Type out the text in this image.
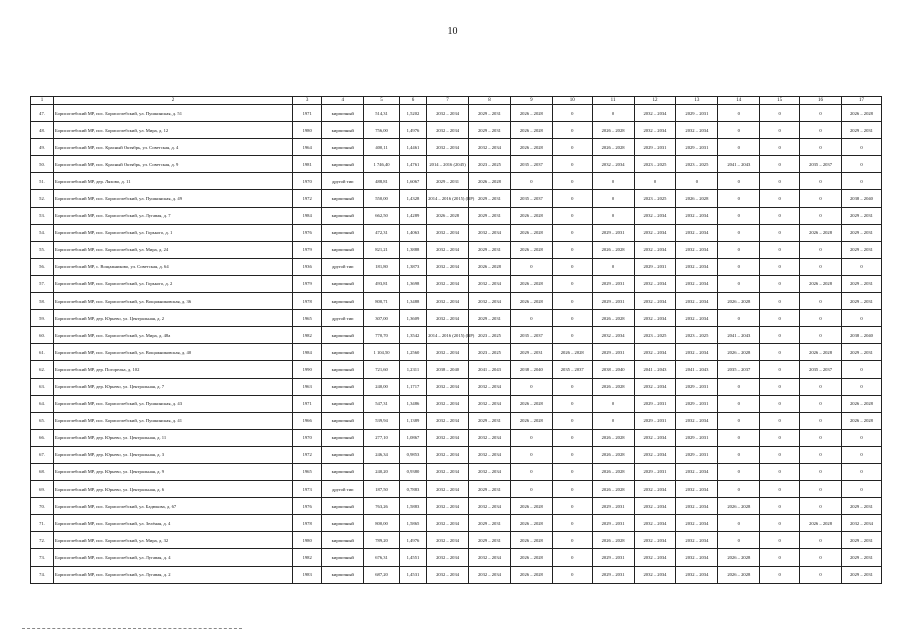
10
1	2	3	4	5	6	7	8	9	10	11	12	13	14	15	16	17
47.	Борисоглебский МР, пос. Борисоглебский, ул. Пушкинская, д. 51	1971	кирпичный	514,31	1,5202	2032 – 2034	2029 – 2031	2026 – 2028	0	0	2032 – 2034	2029 – 2031	0	0	0	2026 – 2028
48.	Борисоглебский МР, пос. Борисоглебский, ул. Мира, д. 12	1980	кирпичный	756,00	1,4976	2032 – 2034	2029 – 2031	2026 – 2028	0	2026 – 2028	2032 – 2034	2032 – 2034	0	0	0	2029 – 2031
49.	Борисоглебский МР, пос. Красный Октябрь, ул. Советская, д. 4	1964	кирпичный	400,11	1,4461	2032 – 2034	2032 – 2034	2026 – 2028	0	2026 – 2028	2029 – 2031	2029 – 2031	0	0	0	0
50.	Борисоглебский МР, пос. Красный Октябрь, ул. Советская, д. 9	1981	кирпичный	1 746,40	1,4761	2014 – 2016 (2045)	2023 – 2025	2035 – 2037	0	2032 – 2034	2023 – 2025	2023 – 2025	2041 – 2043	0	2035 – 2037	0
51.	Борисоглебский МР, дер. Ляхово, д. 11	1970	другой тип	488,81	1,6067	2029 – 2031	2026 – 2028	0	0	0	0	0	0	0	0	0
52.	Борисоглебский МР, пос. Борисоглебский, ул. Пушкинская, д. 49	1972	кирпичный	550,00	1,4328	2014 – 2016 (2015) (ВР)	2029 – 2031	2035 – 2037	0	0	2023 – 2025	2026 – 2028	0	0	0	2038 – 2040
53.	Борисоглебский МР, пос. Борисоглебский, ул. Лугавая, д. 7	1984	кирпичный	662,50	1,4289	2026 – 2028	2029 – 2031	2026 – 2028	0	0	2032 – 2034	2032 – 2034	0	0	0	2029 – 2031
54.	Борисоглебский МР, пос. Борисоглебский, ул. Горького, д. 1	1976	кирпичный	472,31	1,4063	2032 – 2034	2032 – 2034	2026 – 2028	0	2029 – 2031	2032 – 2034	2032 – 2034	0	0	2026 – 2028	2029 – 2031
55.	Борисоглебский МР, пос. Борисоглебский, ул. Мира, д. 24	1979	кирпичный	821,21	1,3888	2032 – 2034	2029 – 2031	2026 – 2028	0	2026 – 2028	2032 – 2034	2032 – 2034	0	0	0	2029 – 2031
56.	Борисоглебский МР, с. Вощажниково, ул. Советская, д. 64	1936	другой тип	181,80	1,3873	2032 – 2034	2026 – 2028	0	0	0	2029 – 2031	2032 – 2034	0	0	0	0
57.	Борисоглебский МР, пос. Борисоглебский, ул. Горького, д. 2	1979	кирпичный	493,81	1,3698	2032 – 2034	2032 – 2034	2026 – 2028	0	2029 – 2031	2032 – 2034	2032 – 2034	0	0	2026 – 2028	2029 – 2031
58.	Борисоглебский МР, пос. Борисоглебский, ул. Вощажниковская, д. 36	1978	кирпичный	800,71	1,3488	2032 – 2034	2032 – 2034	2026 – 2028	0	2029 – 2031	2032 – 2034	2032 – 2034	2026 – 2028	0	0	2029 – 2031
59.	Борисоглебский МР, дер. Юрьево, ул. Центральная, д. 2	1965	другой тип	307,00	1,3609	2032 – 2034	2029 – 2031	0	0	2026 – 2028	2032 – 2034	2032 – 2034	0	0	0	0
60.	Борисоглебский МР, пос. Борисоглебский, ул. Мира, д. 48а	1982	кирпичный	770,70	1,3542	2014 – 2016 (2015) (ВР)	2023 – 2025	2035 – 2037	0	2032 – 2034	2023 – 2025	2023 – 2025	2041 – 2043	0	0	2038 – 2040
61.	Борисоглебский МР, пос. Борисоглебский, ул. Вощажниковская, д. 40	1984	кирпичный	1 104,50	1,2560	2032 – 2034	2023 – 2025	2029 – 2031	2026 – 2028	2029 – 2031	2032 – 2034	2032 – 2034	2026 – 2028	0	2026 – 2028	2029 – 2031
62.	Борисоглебский МР, дер. Погорелка, д. 102	1990	кирпичный	721,60	1,2311	2038 – 2040	2041 – 2043	2038 – 2040	2035 – 2037	2038 – 2040	2041 – 2043	2041 – 2043	2035 – 2037	0	2035 – 2037	0
63.	Борисоглебский МР, дер. Юрьево, ул. Центральная, д. 7	1963	кирпичный	240,00	1,1717	2032 – 2034	2032 – 2034	0	0	2026 – 2028	2032 – 2034	2029 – 2031	0	0	0	0
64.	Борисоглебский МР, пос. Борисоглебский, ул. Пушкинская, д. 43	1971	кирпичный	547,31	1,3486	2032 – 2034	2032 – 2034	2026 – 2028	0	0	2029 – 2031	2029 – 2031	0	0	0	2026 – 2028
65.	Борисоглебский МР, пос. Борисоглебский, ул. Пушкинская, д. 41	1966	кирпичный	539,94	1,1389	2032 – 2034	2029 – 2031	2026 – 2028	0	0	2029 – 2031	2032 – 2034	0	0	0	2026 – 2028
66.	Борисоглебский МР, дер. Юрьево, ул. Центральная, д. 11	1970	кирпичный	277,10	1,0867	2032 – 2034	2032 – 2034	0	0	2026 – 2028	2032 – 2034	2029 – 2031	0	0	0	0
67.	Борисоглебский МР, дер. Юрьево, ул. Центральная, д. 3	1972	кирпичный	246,34	0,9853	2032 – 2034	2032 – 2034	0	0	2026 – 2028	2032 – 2034	2029 – 2031	0	0	0	0
68.	Борисоглебский МР, дер. Юрьево, ул. Центральная, д. 9	1965	кирпичный	240,20	0,9380	2032 – 2034	2032 – 2034	0	0	2026 – 2028	2029 – 2031	2032 – 2034	0	0	0	0
69.	Борисоглебский МР, дер. Юрьево, ул. Центральная, д. 6	1973	другой тип	187,50	0,7883	2032 – 2034	2029 – 2031	0	0	2026 – 2028	2032 – 2034	2032 – 2034	0	0	0	0
70.	Борисоглебский МР, пос. Борисоглебский, ул. Бадюкова, д. 67	1976	кирпичный	763,26	1,5883	2032 – 2034	2032 – 2034	2026 – 2028	0	2029 – 2031	2032 – 2034	2032 – 2034	2026 – 2028	0	0	2029 – 2031
71.	Борисоглебский МР, пос. Борисоглебский, ул. Зелёная, д. 4	1978	кирпичный	800,00	1,5865	2032 – 2034	2029 – 2031	2026 – 2028	0	2029 – 2031	2032 – 2034	2032 – 2034	0	0	2026 – 2028	2032 – 2034
72.	Борисоглебский МР, пос. Борисоглебский, ул. Мира, д. 32	1980	кирпичный	789,20	1,4976	2032 – 2034	2029 – 2031	2026 – 2028	0	2026 – 2028	2032 – 2034	2032 – 2034	0	0	0	2029 – 2031
73.	Борисоглебский МР, пос. Борисоглебский, ул. Лугавая, д. 4	1982	кирпичный	676,31	1,4551	2032 – 2034	2032 – 2034	2026 – 2028	0	2029 – 2031	2032 – 2034	2032 – 2034	2026 – 2028	0	0	2029 – 2031
74.	Борисоглебский МР, пос. Борисоглебский, ул. Лугавая, д. 2	1983	кирпичный	687,20	1,4531	2032 – 2034	2032 – 2034	2026 – 2028	0	2029 – 2031	2032 – 2034	2032 – 2034	2026 – 2028	0	0	2029 – 2031
